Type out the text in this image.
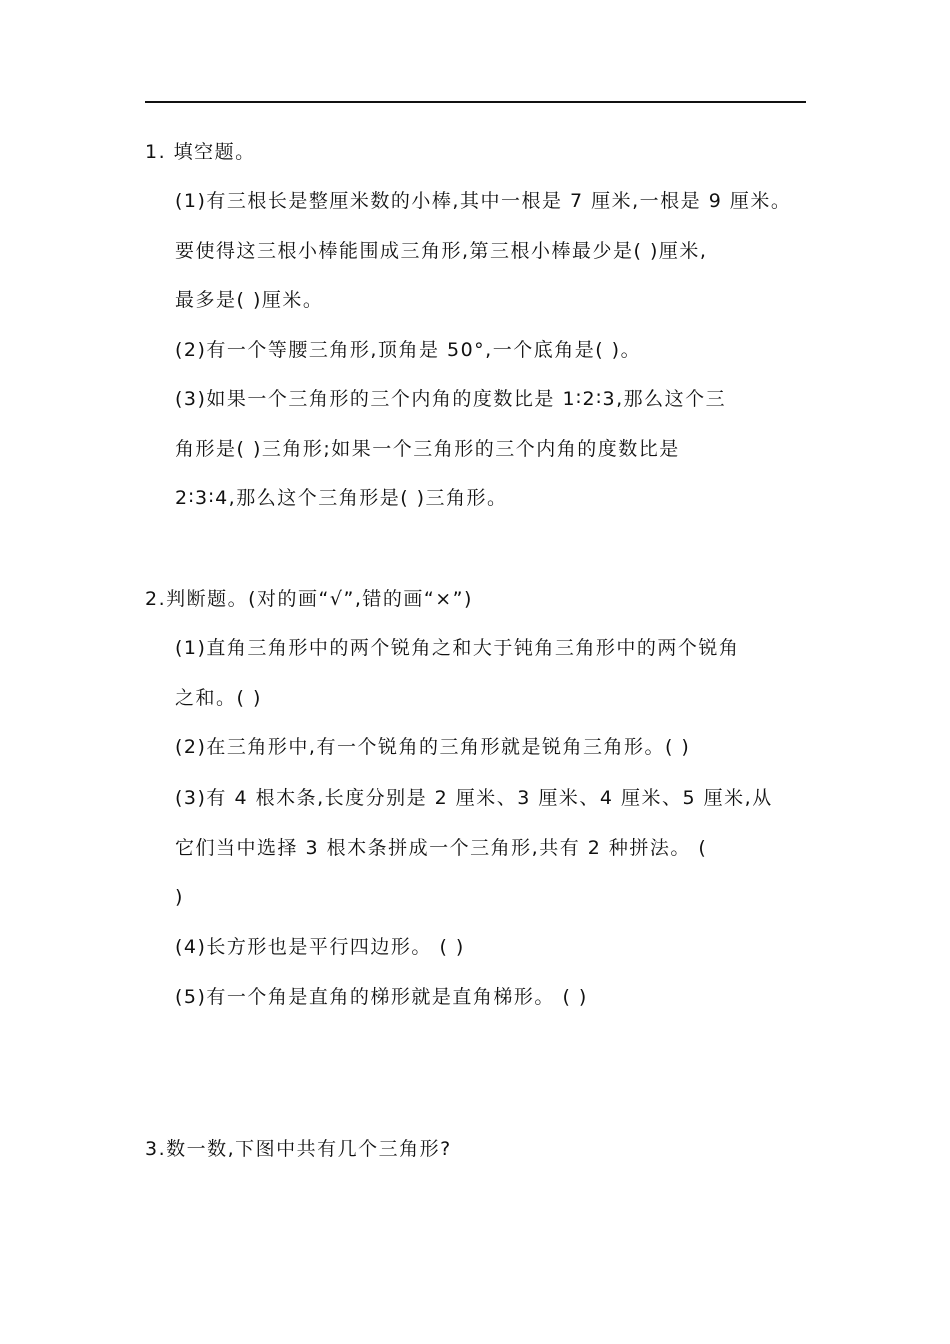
1. 填空题。
(1)有三根长是整厘米数的小棒,其中一根是 7 厘米,一根是 9 厘米。
要使得这三根小棒能围成三角形,第三根小棒最少是( )厘米,
最多是( )厘米。
(2)有一个等腰三角形,顶角是 50°,一个底角是( )。
(3)如果一个三角形的三个内角的度数比是 1∶2∶3,那么这个三
角形是( )三角形;如果一个三角形的三个内角的度数比是
2∶3∶4,那么这个三角形是( )三角形。
2.判断题。(对的画“√”,错的画“×”)
(1)直角三角形中的两个锐角之和大于钝角三角形中的两个锐角
之和。( )
(2)在三角形中,有一个锐角的三角形就是锐角三角形。( )
(3)有 4 根木条,长度分别是 2 厘米、3 厘米、4 厘米、5 厘米,从
它们当中选择 3 根木条拼成一个三角形,共有 2 种拼法。 (
)
(4)长方形也是平行四边形。 ( )
(5)有一个角是直角的梯形就是直角梯形。 ( )
3.数一数,下图中共有几个三角形?
